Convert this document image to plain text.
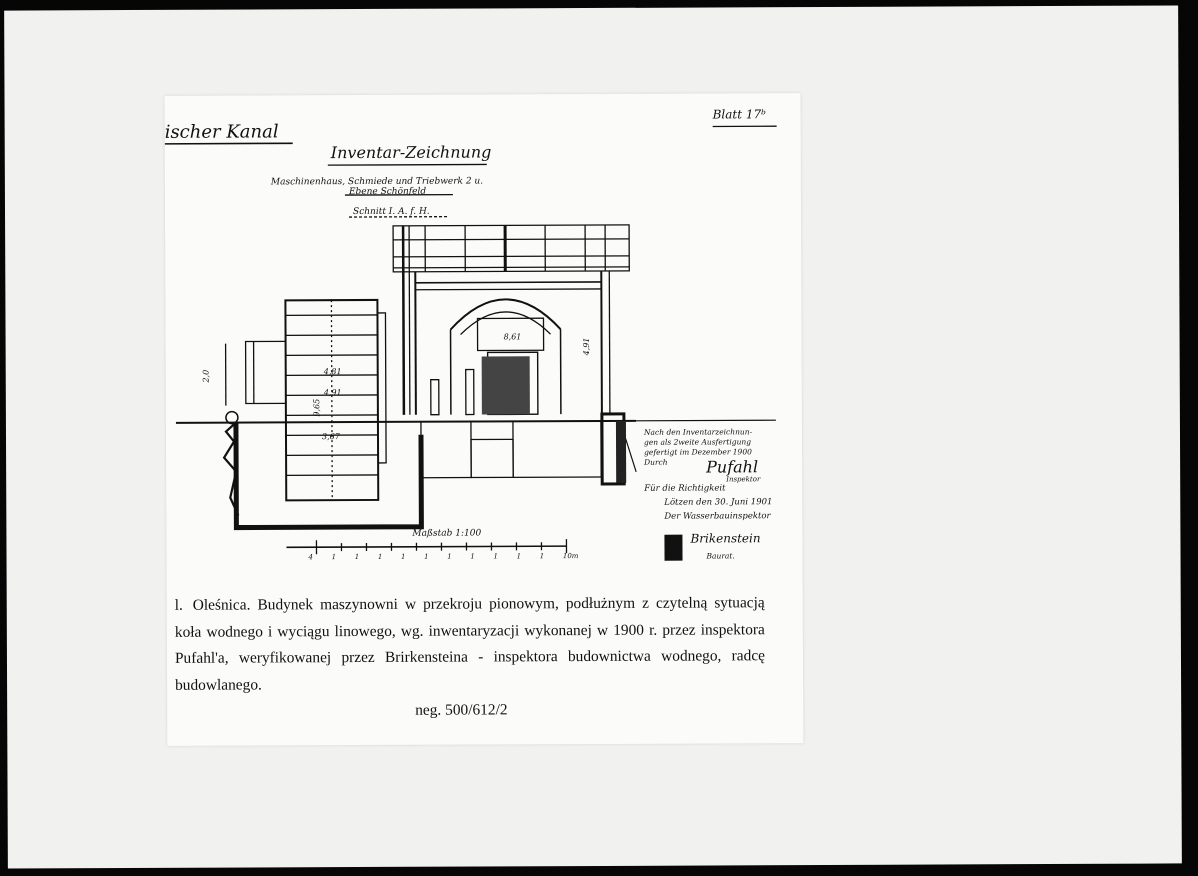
Blatt 17ᵇ
ischer Kanal
Inventar-Zeichnung
Maschinenhaus, Schmiede und Triebwerk 2 u.
Ebene Schönfeld
Schnitt I. A. f. H.
2,0	4,81
4,91
9,65
3,67
8,61
4,91
Maßstab 1:100
4	1	1	1	1	1	1	1	1	1	1	10m
Nach den Inventarzeichnun-
gen als 2weite Ausfertigung
gefertigt im Dezember 1900
Durch Pufahl
Inspektor
Für die Richtigkeit
Lötzen den 30. Juni 1901
Der Wasserbauinspektor
Brikenstein
Baurat.
l. Oleśnica. Budynek maszynowni w przekroju pionowym, podłużnym z czytelną sytuacją koła wodnego i wyciągu linowego, wg. inwentaryzacji wykonanej w 1900 r. przez inspektora Pufahl'a, weryfikowanej przez Brirkensteina - inspektora budownictwa wodnego, radcę budowlanego.
neg. 500/612/2
